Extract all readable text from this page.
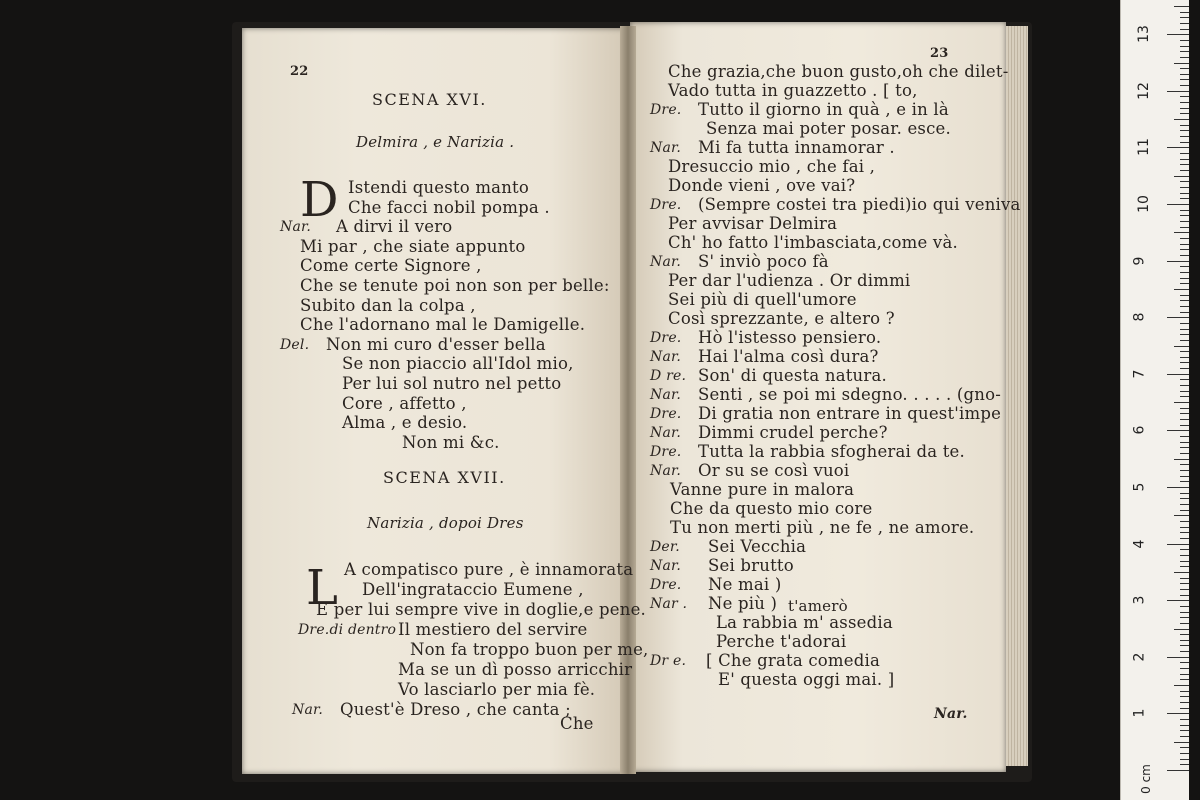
22
SCENA XVI.
Delmira , e Narizia .
D Istendi questo manto
Che facci nobil pompa .
Nar. A dirvi il vero
Mi par , che siate appunto
Come certe Signore ,
Che se tenute poi non son per belle:
Subito dan la colpa ,
Che l'adornano mal le Damigelle.
Del. Non mi curo d'esser bella
Se non piaccio all'Idol mio,
Per lui sol nutro nel petto
Core , affetto ,
Alma , e desio.
Non mi &c.
SCENA XVII.
Narizia , dopoi Dres
L A compatisco pure , è innamorata
Dell'ingrataccio Eumene ,
E per lui sempre vive in doglie,e pene.
Dre.di dentro Il mestiero del servire
Non fa troppo buon per me,
Ma se un dì posso arricchir
Vo lasciarlo per mia fè.
Nar. Quest'è Dreso , che canta ;
Che
23
Che grazia,che buon gusto,oh che dilet-
Vado tutta in guazzetto . [ to,
Dre. Tutto il giorno in quà , e in là
Senza mai poter posar. esce.
Nar. Mi fa tutta innamorar .
Dresuccio mio , che fai ,
Donde vieni , ove vai?
Dre. (Sempre costei tra piedi)io qui veniva
Per avvisar Delmira
Ch' ho fatto l'imbasciata,come và.
Nar. S' inviò poco fà
Per dar l'udienza . Or dimmi
Sei più di quell'umore
Così sprezzante, e altero ?
Dre. Hò l'istesso pensiero.
Nar. Hai l'alma così dura?
D re. Son' di questa natura.
Nar. Senti , se poi mi sdegno. . . . . (gno-
Dre. Di gratia non entrare in quest'impe
Nar. Dimmi crudel perche?
Dre. Tutta la rabbia sfogherai da te.
Nar. Or su se così vuoi
Vanne pure in malora
Che da questo mio core
Tu non merti più , ne fe , ne amore.
Der. Sei Vecchia
Nar. Sei brutto
Dre. Ne mai )
Nar . Ne più )
La rabbia m' assedia
Perche t'adorai
Dr e. [ Che grata comedia
E' questa oggi mai. ]
t'amerò
Nar.
0 cm
1
2
3
4
5
6
7
8
9
10
11
12
13
